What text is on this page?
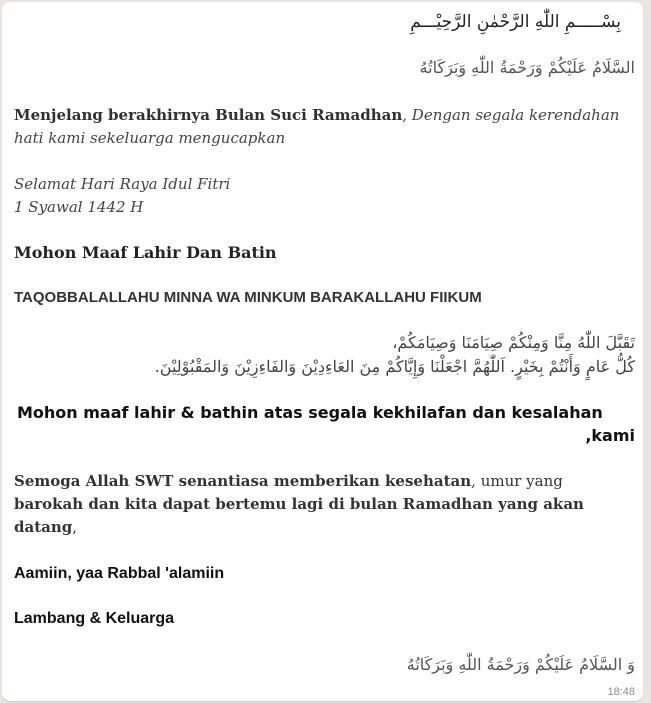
بِسْـــــمِ اللّٰهِ الرَّحْمٰنِ الرَّحِيْـــمِ
السَّلَامُ عَلَيْكُمْ وَرَحْمَةُ اللّٰهِ وَبَرَكَاتُهُ
Menjelang berakhirnya Bulan Suci Ramadhan, Dengan segala kerendahan
hati kami sekeluarga mengucapkan
Selamat Hari Raya Idul Fitri
1 Syawal 1442 H
Mohon Maaf Lahir Dan Batin
TAQOBBALALLAHU MINNA WA MINKUM BARAKALLAHU FIIKUM
تَقَبَّلَ اللّٰهُ مِنَّا وَمِنْكُمْ صِيَامَنَا وَصِيَامَكُمْ،
كُلُّ عَامٍ وَأَنْتُمْ بِخَيْرٍ. اَللّٰهُمَّ اجْعَلْنَا وَإِيَّاكُمْ مِنَ العَاءِدِيْنَ وَالفَاءِزِيْنَ وَالمَقْبُوْلِيْنَ.
Mohon maaf lahir & bathin atas segala kekhilafan dan kesalahan
,kami
Semoga Allah SWT senantiasa memberikan kesehatan, umur yang
barokah dan kita dapat bertemu lagi di bulan Ramadhan yang akan
datang,
Aamiin, yaa Rabbal 'alamiin
Lambang & Keluarga
وَ السَّلَامُ عَلَيْكُمْ وَرَحْمَةُ اللّٰهِ وَبَرَكَاتُهُ
18:48
